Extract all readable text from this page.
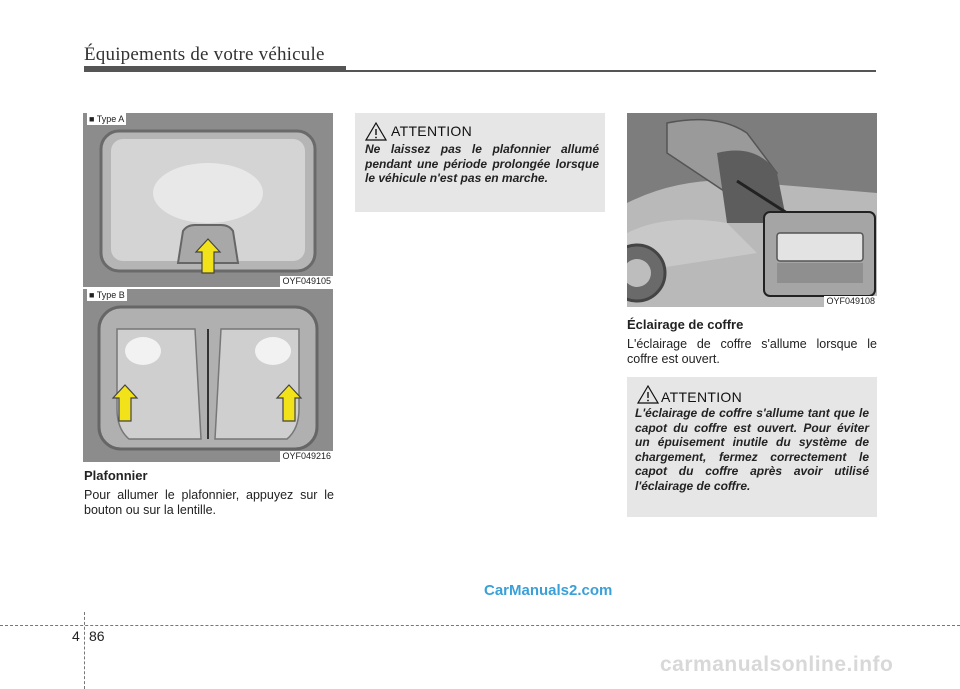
Équipements de votre véhicule
■ Type A
OYF049105
■ Type B
OYF049216
Plafonnier
Pour allumer le plafonnier, appuyez sur le bouton ou sur la lentille.
ATTENTION
Ne laissez pas le plafonnier allumé pendant une période prolongée lorsque le véhicule n'est pas en marche.
OYF049108
Éclairage de coffre
L'éclairage de coffre s'allume lorsque le coffre est ouvert.
ATTENTION
L'éclairage de coffre s'allume tant que le capot du coffre est ouvert. Pour éviter un épuisement inutile du système de chargement, fermez correctement le capot du coffre après avoir utilisé l'éclairage de coffre.
CarManuals2.com
4 86
carmanualsonline.info
